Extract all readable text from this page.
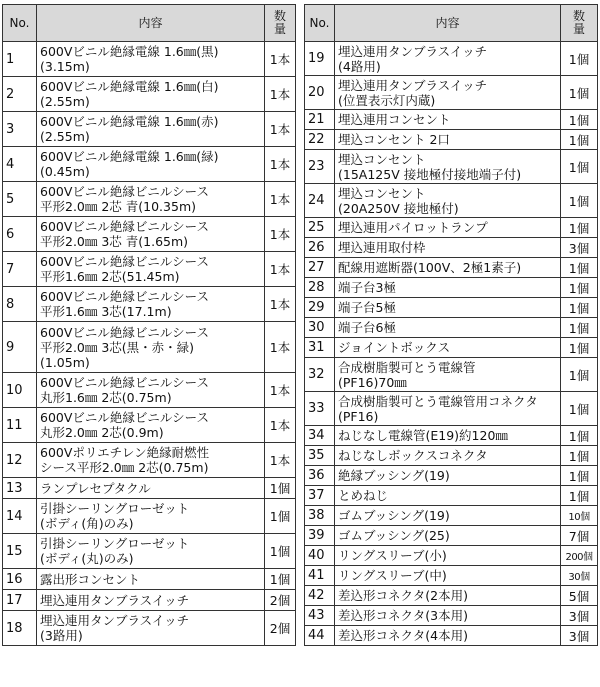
No.	内容	数
量
1	600Vビニル絶縁電線 1.6㎜(黒)
(3.15m)	1本
2	600Vビニル絶縁電線 1.6㎜(白)
(2.55m)	1本
3	600Vビニル絶縁電線 1.6㎜(赤)
(2.55m)	1本
4	600Vビニル絶縁電線 1.6㎜(緑)
(0.45m)	1本
5	600Vビニル絶縁ビニルシース
平形2.0㎜ 2芯 青(10.35m)	1本
6	600Vビニル絶縁ビニルシース
平形2.0㎜ 3芯 青(1.65m)	1本
7	600Vビニル絶縁ビニルシース
平形1.6㎜ 2芯(51.45m)	1本
8	600Vビニル絶縁ビニルシース
平形1.6㎜ 3芯(17.1m)	1本
9	600Vビニル絶縁ビニルシース
平形2.0㎜ 3芯(黒・赤・緑)
(1.05m)	1本
10	600Vビニル絶縁ビニルシース
丸形1.6㎜ 2芯(0.75m)	1本
11	600Vビニル絶縁ビニルシース
丸形2.0㎜ 2芯(0.9m)	1本
12	600Vポリエチレン絶縁耐燃性
シース平形2.0㎜ 2芯(0.75m)	1本
13	ランプレセプタクル	1個
14	引掛シーリングローゼット
(ボディ(角)のみ)	1個
15	引掛シーリングローゼット
(ボディ(丸)のみ)	1個
16	露出形コンセント	1個
17	埋込連用タンブラスイッチ	2個
18	埋込連用タンブラスイッチ
(3路用)	2個
No.	内容	数
量
19	埋込連用タンブラスイッチ
(4路用)	1個
20	埋込連用タンブラスイッチ
(位置表示灯内蔵)	1個
21	埋込連用コンセント	1個
22	埋込コンセント 2口	1個
23	埋込コンセント
(15A125V 接地極付接地端子付)	1個
24	埋込コンセント
(20A250V 接地極付)	1個
25	埋込連用パイロットランプ	1個
26	埋込連用取付枠	3個
27	配線用遮断器(100V、2極1素子)	1個
28	端子台3極	1個
29	端子台5極	1個
30	端子台6極	1個
31	ジョイントボックス	1個
32	合成樹脂製可とう電線管
(PF16)70㎜	1個
33	合成樹脂製可とう電線管用コネクタ
(PF16)	1個
34	ねじなし電線管(E19)約120㎜	1個
35	ねじなしボックスコネクタ	1個
36	絶縁ブッシング(19)	1個
37	とめねじ	1個
38	ゴムブッシング(19)	10個
39	ゴムブッシング(25)	7個
40	リングスリーブ(小)	200個
41	リングスリーブ(中)	30個
42	差込形コネクタ(2本用)	5個
43	差込形コネクタ(3本用)	3個
44	差込形コネクタ(4本用)	3個
